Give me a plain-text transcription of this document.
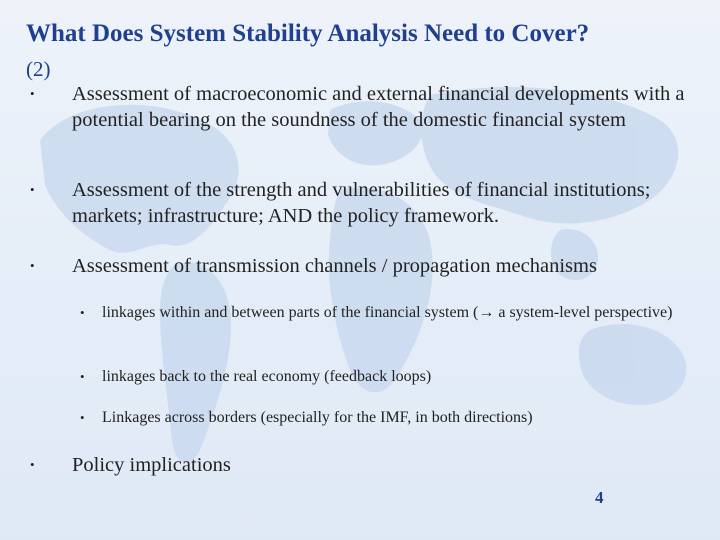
What Does System Stability Analysis Need to Cover?
(2)
• Assessment of macroeconomic and external financial developments with a potential bearing on the soundness of the domestic financial system
• Assessment of the strength and vulnerabilities of financial institutions; markets; infrastructure; AND the policy framework.
• Assessment of transmission channels / propagation mechanisms
• linkages within and between parts of the financial system (→ a system-level perspective)
• linkages back to the real economy (feedback loops)
• Linkages across borders (especially for the IMF, in both directions)
• Policy implications
4
